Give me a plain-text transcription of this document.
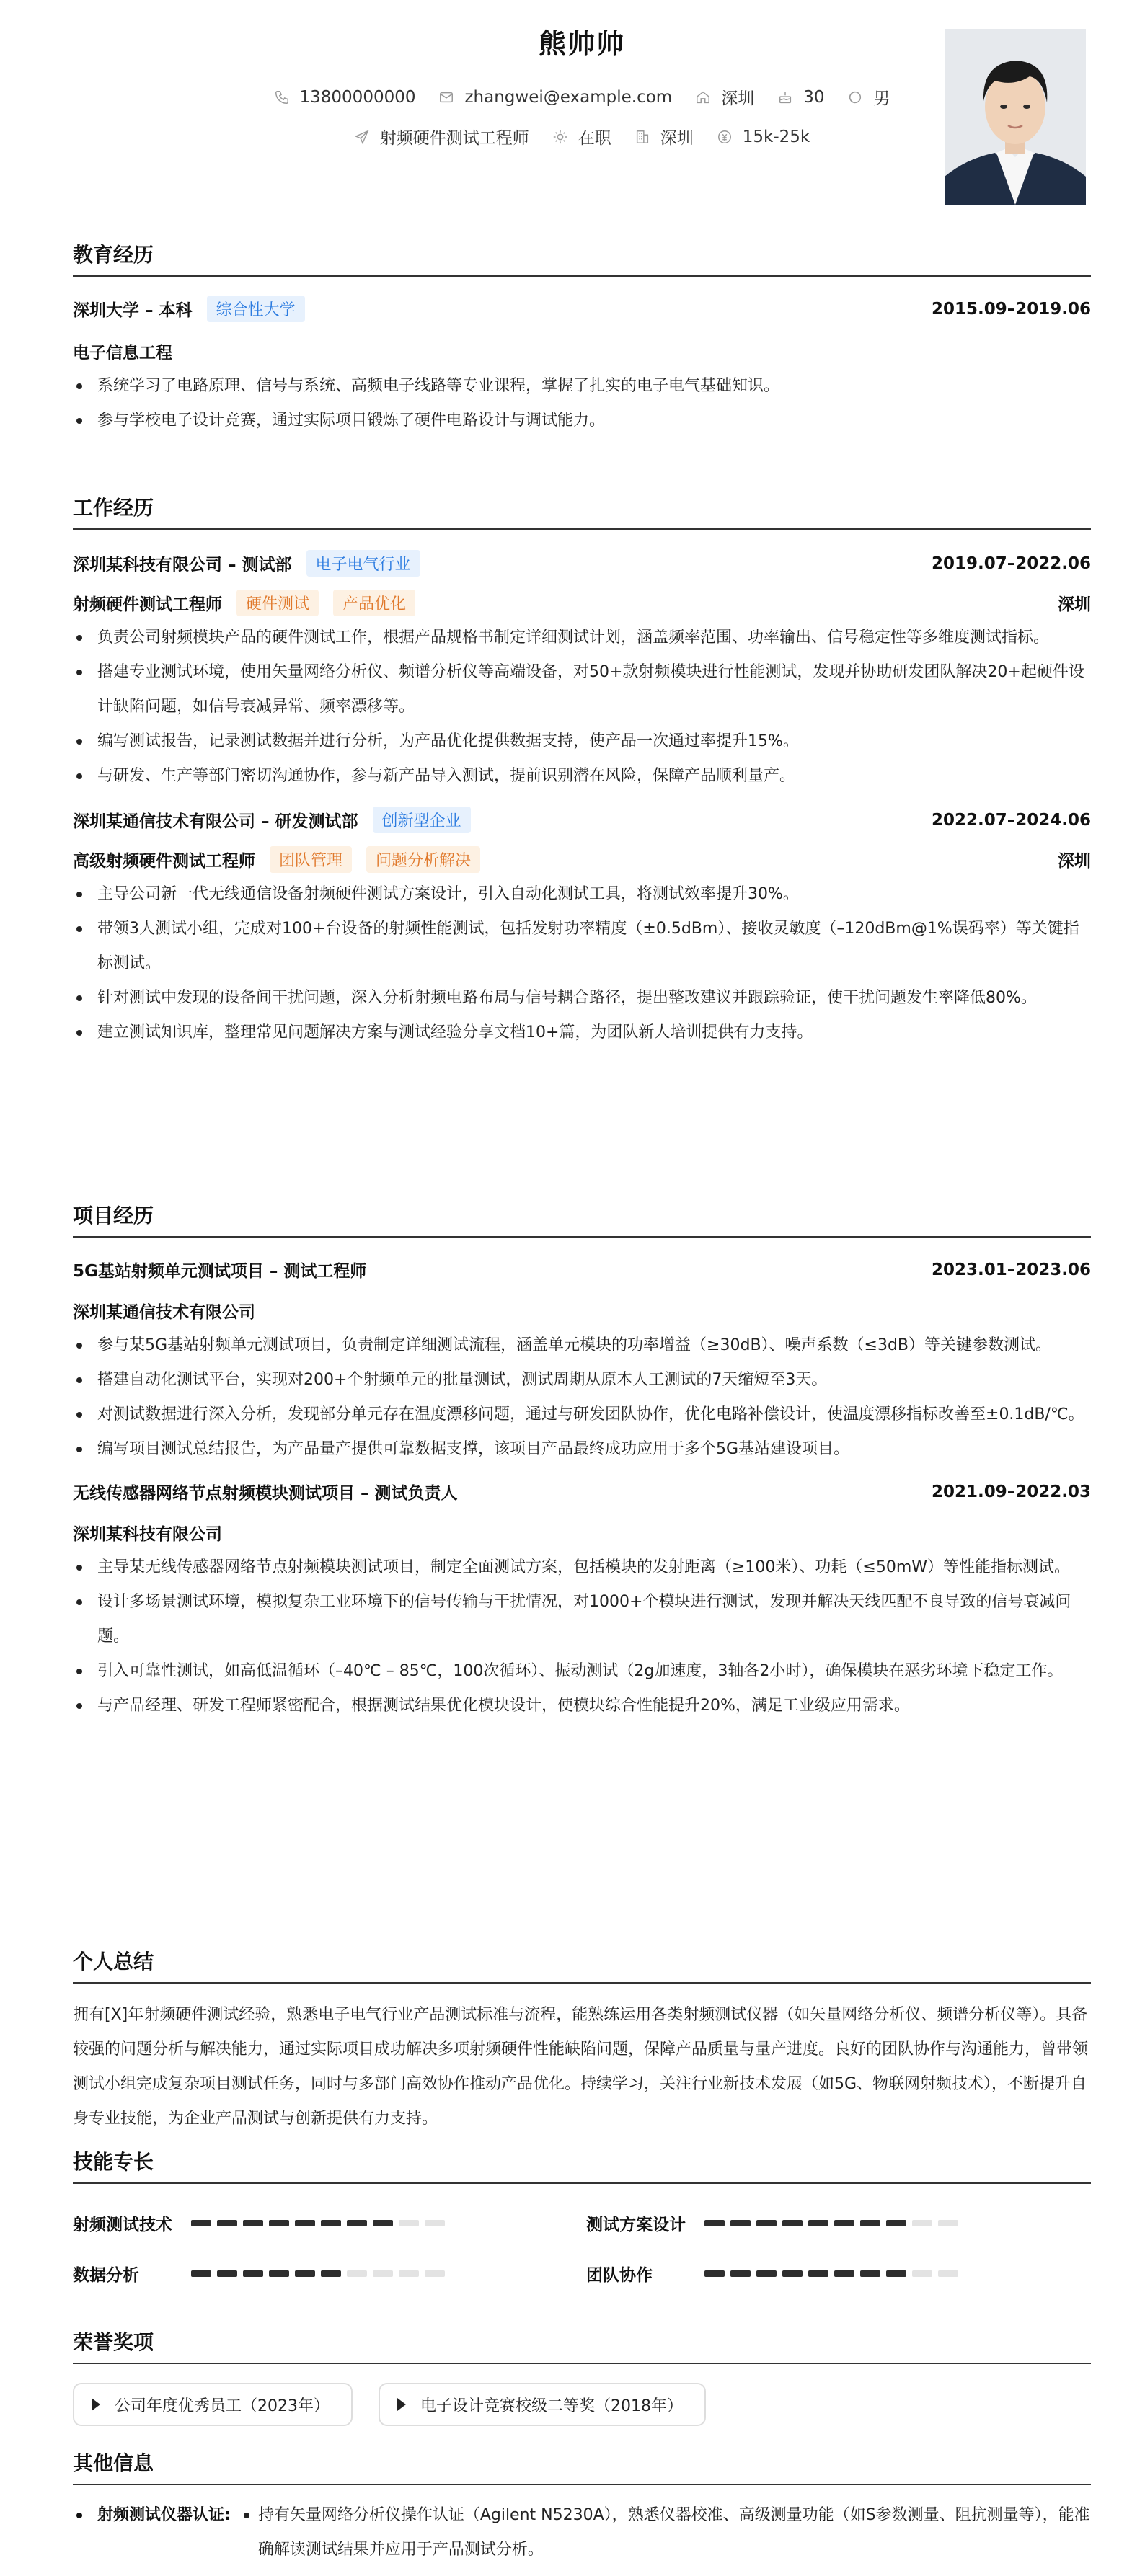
熊帅帅
13800000000	zhangwei@example.com	深圳	30	男
射频硬件测试工程师	在职	深圳	15k-25k
教育经历
深圳大学 – 本科	综合性大学	2015.09–2019.06
电子信息工程
系统学习了电路原理、信号与系统、高频电子线路等专业课程，掌握了扎实的电子电气基础知识。
参与学校电子设计竞赛，通过实际项目锻炼了硬件电路设计与调试能力。
工作经历
深圳某科技有限公司 – 测试部	电子电气行业	2019.07–2022.06
射频硬件测试工程师	硬件测试	产品优化	深圳
负责公司射频模块产品的硬件测试工作，根据产品规格书制定详细测试计划，涵盖频率范围、功率输出、信号稳定性等多维度测试指标。
搭建专业测试环境，使用矢量网络分析仪、频谱分析仪等高端设备，对50+款射频模块进行性能测试，发现并协助研发团队解决20+起硬件设计缺陷问题，如信号衰减异常、频率漂移等。
编写测试报告，记录测试数据并进行分析，为产品优化提供数据支持，使产品一次通过率提升15%。
与研发、生产等部门密切沟通协作，参与新产品导入测试，提前识别潜在风险，保障产品顺利量产。
深圳某通信技术有限公司 – 研发测试部	创新型企业	2022.07–2024.06
高级射频硬件测试工程师	团队管理	问题分析解决	深圳
主导公司新一代无线通信设备射频硬件测试方案设计，引入自动化测试工具，将测试效率提升30%。
带领3人测试小组，完成对100+台设备的射频性能测试，包括发射功率精度（±0.5dBm）、接收灵敏度（–120dBm@1%误码率）等关键指标测试。
针对测试中发现的设备间干扰问题，深入分析射频电路布局与信号耦合路径，提出整改建议并跟踪验证，使干扰问题发生率降低80%。
建立测试知识库，整理常见问题解决方案与测试经验分享文档10+篇，为团队新人培训提供有力支持。
项目经历
5G基站射频单元测试项目 – 测试工程师	2023.01–2023.06
深圳某通信技术有限公司
参与某5G基站射频单元测试项目，负责制定详细测试流程，涵盖单元模块的功率增益（≥30dB）、噪声系数（≤3dB）等关键参数测试。
搭建自动化测试平台，实现对200+个射频单元的批量测试，测试周期从原本人工测试的7天缩短至3天。
对测试数据进行深入分析，发现部分单元存在温度漂移问题，通过与研发团队协作，优化电路补偿设计，使温度漂移指标改善至±0.1dB/℃。
编写项目测试总结报告，为产品量产提供可靠数据支撑，该项目产品最终成功应用于多个5G基站建设项目。
无线传感器网络节点射频模块测试项目 – 测试负责人	2021.09–2022.03
深圳某科技有限公司
主导某无线传感器网络节点射频模块测试项目，制定全面测试方案，包括模块的发射距离（≥100米）、功耗（≤50mW）等性能指标测试。
设计多场景测试环境，模拟复杂工业环境下的信号传输与干扰情况，对1000+个模块进行测试，发现并解决天线匹配不良导致的信号衰减问题。
引入可靠性测试，如高低温循环（–40℃ – 85℃，100次循环）、振动测试（2g加速度，3轴各2小时），确保模块在恶劣环境下稳定工作。
与产品经理、研发工程师紧密配合，根据测试结果优化模块设计，使模块综合性能提升20%，满足工业级应用需求。
个人总结
拥有[X]年射频硬件测试经验，熟悉电子电气行业产品测试标准与流程，能熟练运用各类射频测试仪器（如矢量网络分析仪、频谱分析仪等）。具备较强的问题分析与解决能力，通过实际项目成功解决多项射频硬件性能缺陷问题，保障产品质量与量产进度。良好的团队协作与沟通能力，曾带领测试小组完成复杂项目测试任务，同时与多部门高效协作推动产品优化。持续学习，关注行业新技术发展（如5G、物联网射频技术），不断提升自身专业技能，为企业产品测试与创新提供有力支持。
技能专长
射频测试技术	测试方案设计
数据分析	团队协作
荣誉奖项
公司年度优秀员工（2023年）	电子设计竞赛校级二等奖（2018年）
其他信息
射频测试仪器认证:	持有矢量网络分析仪操作认证（Agilent N5230A），熟悉仪器校准、高级测量功能（如S参数测量、阻抗测量等），能准确解读测试结果并应用于产品测试分析。
